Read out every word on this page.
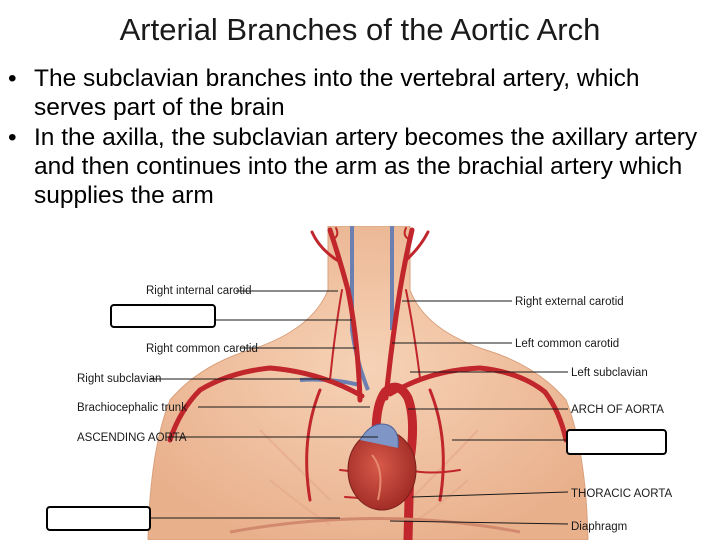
Arterial Branches of the Aortic Arch
• The subclavian branches into the vertebral artery, which serves part of the brain
• In the axilla, the subclavian artery becomes the axillary artery and then continues into the arm as the brachial artery which supplies the arm
Right internal carotid
Right common carotid
Right subclavian
Brachiocephalic trunk
ASCENDING AORTA
Right external carotid
Left common carotid
Left subclavian
ARCH OF AORTA
THORACIC AORTA
Diaphragm
